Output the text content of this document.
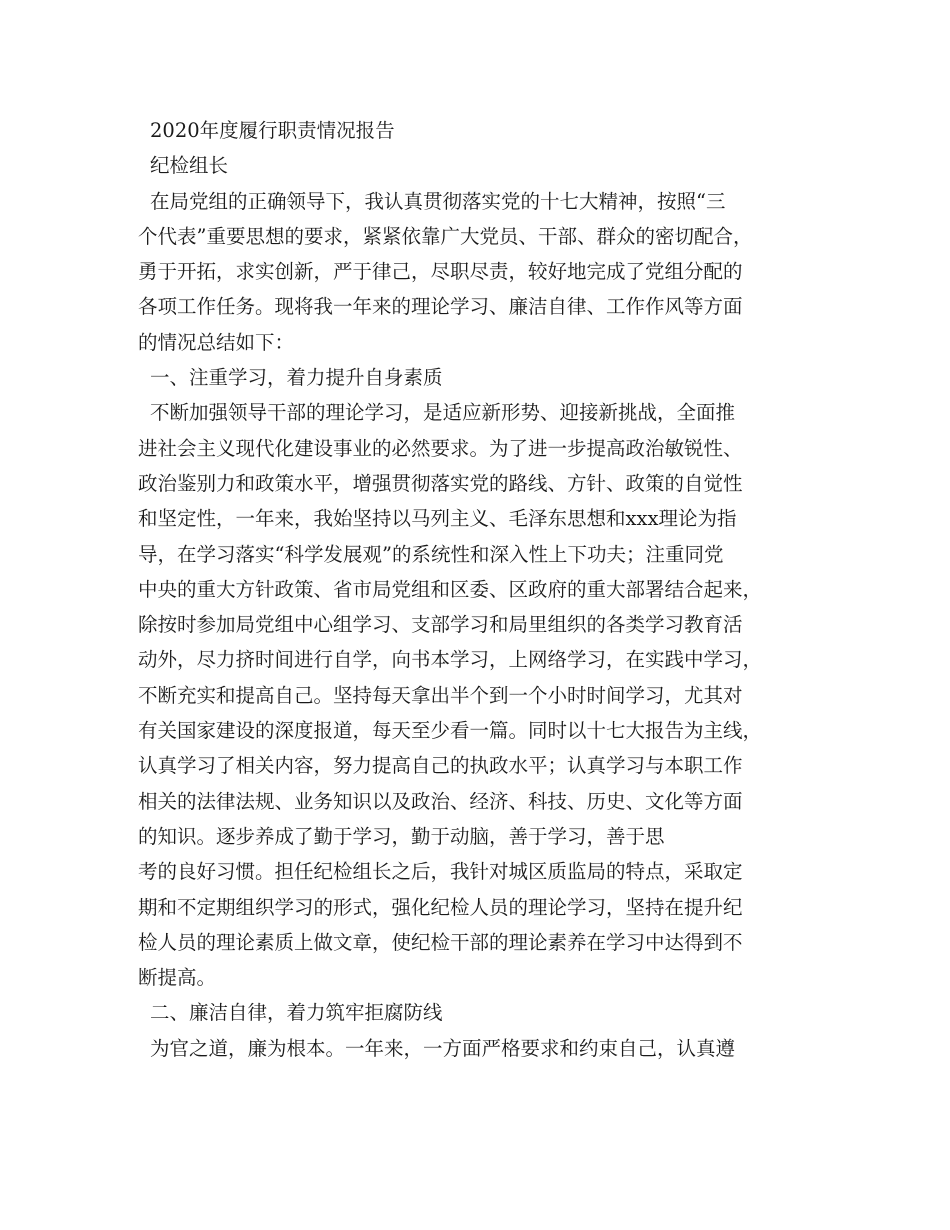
2020年度履行职责情况报告
纪检组长
在局党组的正确领导下，我认真贯彻落实党的十七大精神，按照“三
个代表”重要思想的要求，紧紧依靠广大党员、干部、群众的密切配合，
勇于开拓，求实创新，严于律己，尽职尽责，较好地完成了党组分配的
各项工作任务。现将我一年来的理论学习、廉洁自律、工作作风等方面
的情况总结如下：
一、注重学习，着力提升自身素质
不断加强领导干部的理论学习，是适应新形势、迎接新挑战，全面推
进社会主义现代化建设事业的必然要求。为了进一步提高政治敏锐性、
政治鉴别力和政策水平，增强贯彻落实党的路线、方针、政策的自觉性
和坚定性，一年来，我始坚持以马列主义、毛泽东思想和xxx理论为指
导，在学习落实“科学发展观”的系统性和深入性上下功夫；注重同党
中央的重大方针政策、省市局党组和区委、区政府的重大部署结合起来，
除按时参加局党组中心组学习、支部学习和局里组织的各类学习教育活
动外，尽力挤时间进行自学，向书本学习，上网络学习，在实践中学习，
不断充实和提高自己。坚持每天拿出半个到一个小时时间学习，尤其对
有关国家建设的深度报道，每天至少看一篇。同时以十七大报告为主线，
认真学习了相关内容，努力提高自己的执政水平；认真学习与本职工作
相关的法律法规、业务知识以及政治、经济、科技、历史、文化等方面
的知识。逐步养成了勤于学习，勤于动脑，善于学习，善于思
考的良好习惯。担任纪检组长之后，我针对城区质监局的特点，采取定
期和不定期组织学习的形式，强化纪检人员的理论学习，坚持在提升纪
检人员的理论素质上做文章，使纪检干部的理论素养在学习中达得到不
断提高。
二、廉洁自律，着力筑牢拒腐防线
为官之道，廉为根本。一年来，一方面严格要求和约束自己，认真遵
